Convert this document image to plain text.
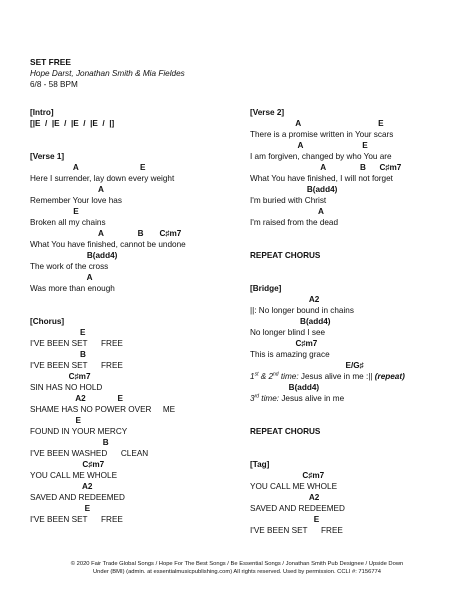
SET FREE
Hope Darst, Jonathan Smith & Mia Fieldes
6/8 - 58 BPM
[Intro]
[|E  /  |E  /  |E  /  |E  /  |]
[Verse 1]
A                           E
Here I surrender, lay down every weight
A
Remember Your love has
E
Broken all my chains
A               B       C♯m7
What You have finished, cannot be undone
B(add4)
The work of the cross
A
Was more than enough
[Chorus]
E
I'VE BEEN SET      FREE
B
I'VE BEEN SET      FREE
C♯m7
SIN HAS NO HOLD
A2              E
SHAME HAS NO POWER OVER     ME
E
FOUND IN YOUR MERCY
B
I'VE BEEN WASHED      CLEAN
C♯m7
YOU CALL ME WHOLE
A2
SAVED AND REDEEMED
E
I'VE BEEN SET      FREE
[Verse 2]
A                                  E
There is a promise written in Your scars
A                          E
I am forgiven, changed by who You are
A               B      C♯m7
What You have finished, I will not forget
B(add4)
I'm buried with Christ
A
I'm raised from the dead
REPEAT CHORUS
[Bridge]
A2
||: No longer bound in chains
B(add4)
No longer blind I see
C♯m7
This is amazing grace
E/G♯
1st & 2nd time: Jesus alive in me :|| (repeat)
B(add4)
3rd time: Jesus alive in me
REPEAT CHORUS
[Tag]
C♯m7
YOU CALL ME WHOLE
A2
SAVED AND REDEEMED
E
I'VE BEEN SET      FREE
© 2020 Fair Trade Global Songs / Hope For The Best Songs / Be Essential Songs / Jonathan Smith Pub Designee / Upside Down
Under (BMI) (admin. at essentialmusicpublishing.com) All rights reserved. Used by permission. CCLI #: 7156774
